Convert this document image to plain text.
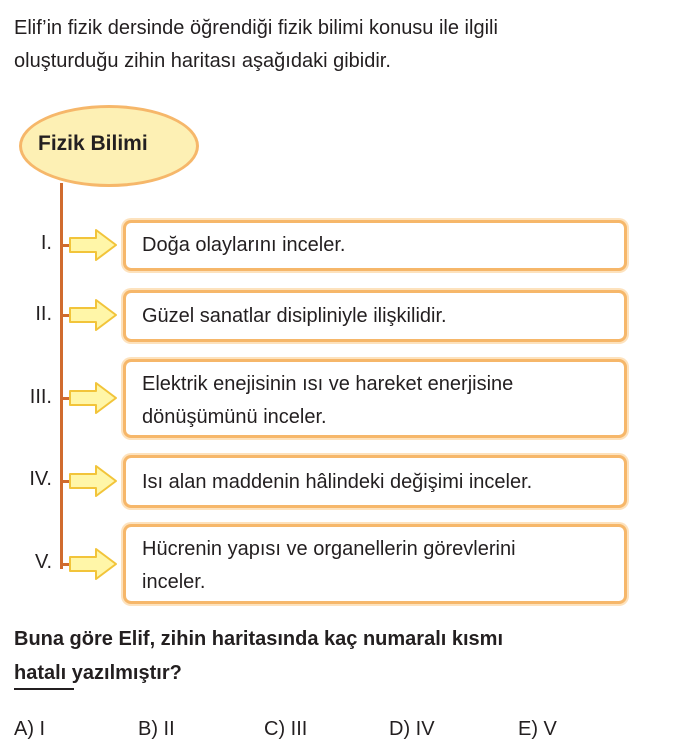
Elif’in fizik dersinde öğrendiği fizik bilimi konusu ile ilgili
oluşturduğu zihin haritası aşağıdaki gibidir.

Fizik Bilimi
I.	Doğa olaylarını inceler.
II.	Güzel sanatlar disipliniyle ilişkilidir.
III.
Elektrik enejisinin ısı ve hareket enerjisine
dönüşümünü inceler.
IV.	Isı alan maddenin hâlindeki değişimi inceler.
V.
Hücrenin yapısı ve organellerin görevlerini
inceler.

Buna göre Elif, zihin haritasında kaç numaralı kısmı
hatalı yazılmıştır?

A) I	B) II	C) III	D) IV	E) V
